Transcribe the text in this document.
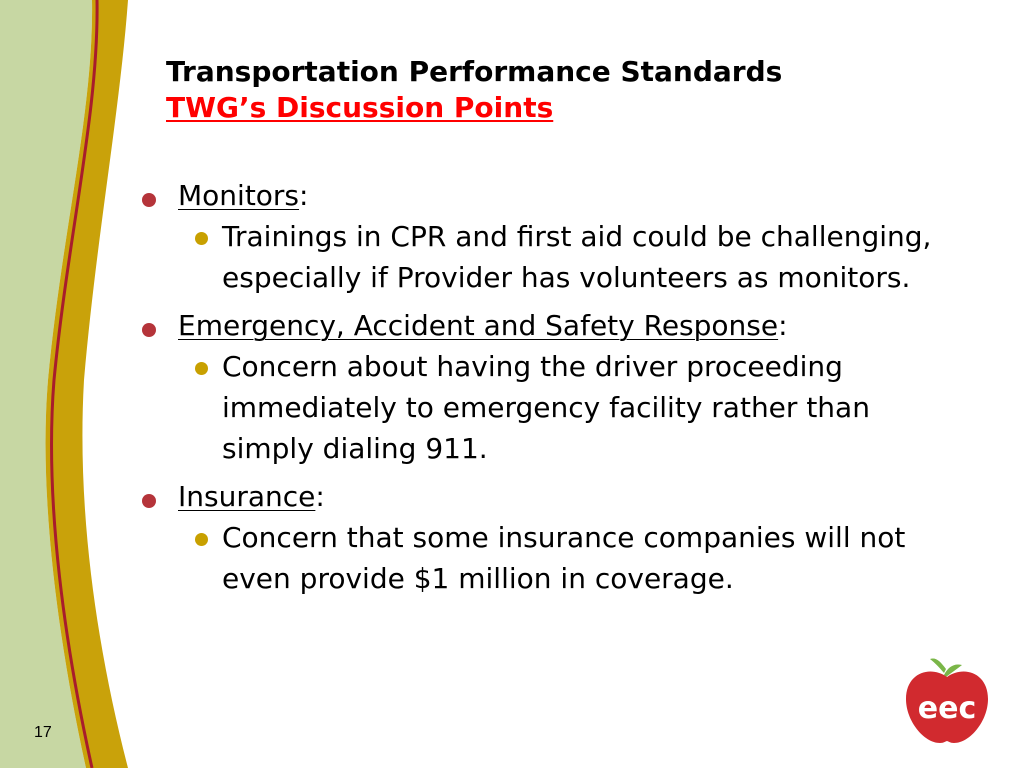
Transportation Performance Standards
TWG’s Discussion Points
Monitors:
Trainings in CPR and first aid could be challenging, especially if Provider has volunteers as monitors.
Emergency, Accident and Safety Response:
Concern about having the driver proceeding immediately to emergency facility rather than simply dialing 911.
Insurance:
Concern that some insurance companies will not even provide $1 million in coverage.
17
eec
